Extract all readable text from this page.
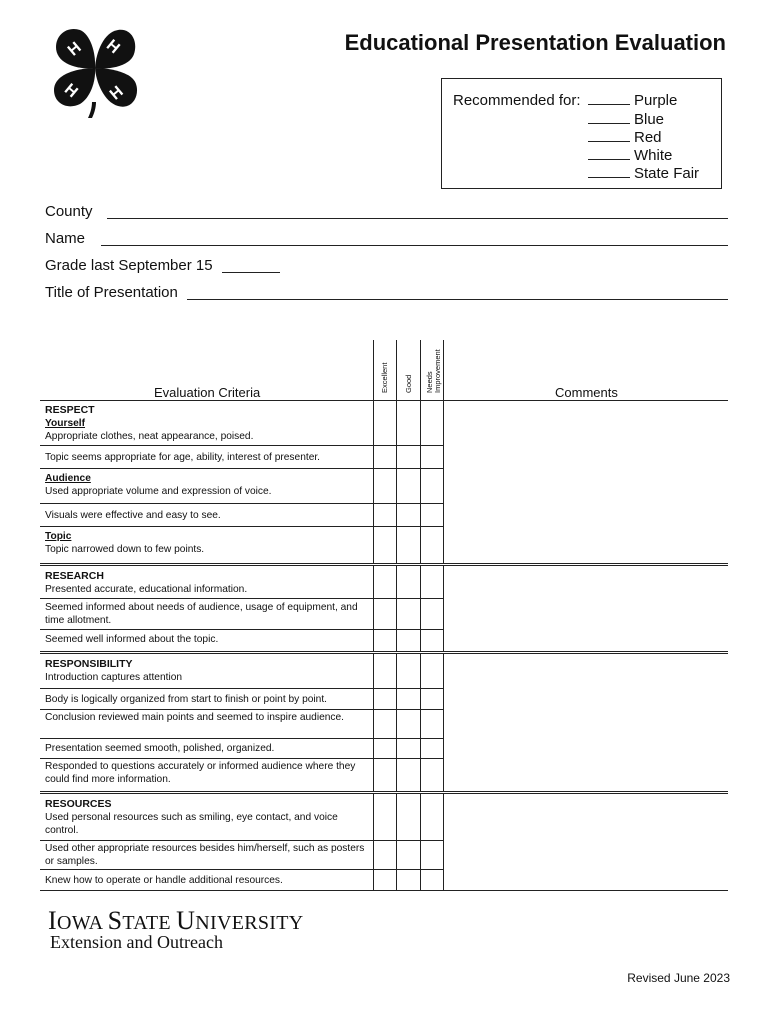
H H
H H
Educational Presentation Evaluation
Recommended for:	Purple
Blue
Red
White
State Fair
County
Name
Grade last September 15
Title of Presentation
Excellent Good Needs Improvement
Evaluation Criteria	Comments
RESPECT
Yourself
Appropriate clothes, neat appearance, poised.
Topic seems appropriate for age, ability, interest of presenter.
Audience
Used appropriate volume and expression of voice.
Visuals were effective and easy to see.
Topic
Topic narrowed down to few points.
RESEARCH
Presented accurate, educational information.
Seemed informed about needs of audience, usage of equipment, and time allotment.
Seemed well informed about the topic.
RESPONSIBILITY
Introduction captures attention
Body is logically organized from start to finish or point by point.
Conclusion reviewed main points and seemed to inspire audience.
Presentation seemed smooth, polished, organized.
Responded to questions accurately or informed audience where they could find more information.
RESOURCES
Used personal resources such as smiling, eye contact, and voice control.
Used other appropriate resources besides him/herself, such as posters or samples.
Knew how to operate or handle additional resources.
IOWA STATE UNIVERSITY
Extension and Outreach
Revised June 2023
